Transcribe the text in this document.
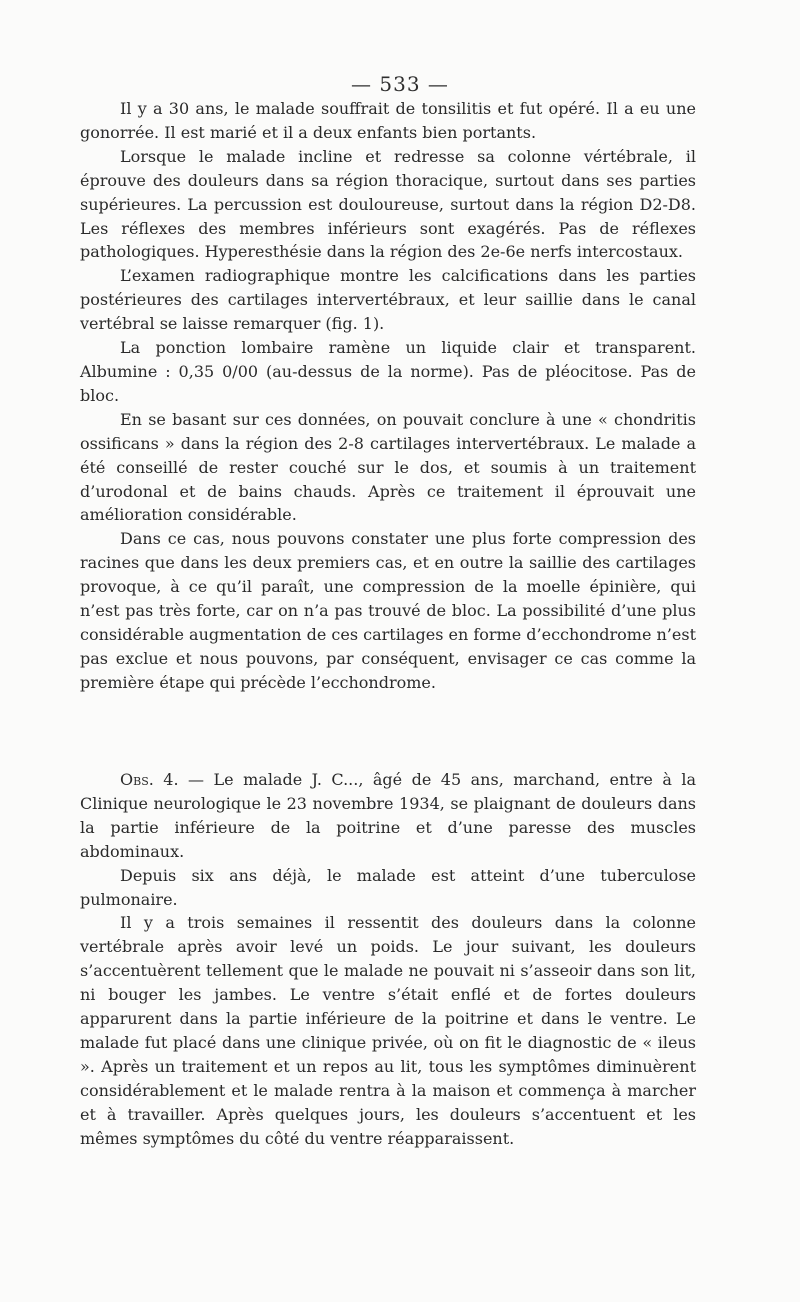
— 533 —

Il y a 30 ans, le malade souffrait de tonsilitis et fut opéré. Il a eu une gonorrée. Il est marié et il a deux enfants bien portants.

Lorsque le malade incline et redresse sa colonne vértébrale, il éprouve des douleurs dans sa région thoracique, surtout dans ses parties supérieures. La percussion est douloureuse, surtout dans la région D2-D8. Les réflexes des membres inférieurs sont exagérés. Pas de réflexes pathologiques. Hyperesthésie dans la région des 2e-6e nerfs intercostaux.

L’examen radiographique montre les calcifications dans les parties postérieures des cartilages intervertébraux, et leur saillie dans le canal vertébral se laisse remarquer (fig. 1).

La ponction lombaire ramène un liquide clair et transparent. Albumine : 0,35 0/00 (au-dessus de la norme). Pas de pléocitose. Pas de bloc.

En se basant sur ces données, on pouvait conclure à une « chondritis ossificans » dans la région des 2-8 cartilages intervertébraux. Le malade a été conseillé de rester couché sur le dos, et soumis à un traitement d’urodonal et de bains chauds. Après ce traitement il éprouvait une amélioration considérable.

Dans ce cas, nous pouvons constater une plus forte compression des racines que dans les deux premiers cas, et en outre la saillie des cartilages provoque, à ce qu’il paraît, une compression de la moelle épinière, qui n’est pas très forte, car on n’a pas trouvé de bloc. La possibilité d’une plus considérable augmentation de ces cartilages en forme d’ecchondrome n’est pas exclue et nous pouvons, par conséquent, envisager ce cas comme la première étape qui précède l’ecchondrome.

Obs. 4. — Le malade J. C..., âgé de 45 ans, marchand, entre à la Clinique neurologique le 23 novembre 1934, se plaignant de douleurs dans la partie inférieure de la poitrine et d’une paresse des muscles abdominaux.

Depuis six ans déjà, le malade est atteint d’une tuberculose pulmonaire.

Il y a trois semaines il ressentit des douleurs dans la colonne vertébrale après avoir levé un poids. Le jour suivant, les douleurs s’accentuèrent tellement que le malade ne pouvait ni s’asseoir dans son lit, ni bouger les jambes. Le ventre s’était enflé et de fortes douleurs apparurent dans la partie inférieure de la poitrine et dans le ventre. Le malade fut placé dans une clinique privée, où on fit le diagnostic de « ileus ». Après un traitement et un repos au lit, tous les symptômes diminuèrent considérablement et le malade rentra à la maison et commença à marcher et à travailler. Après quelques jours, les douleurs s’accentuent et les mêmes symptômes du côté du ventre réapparaissent.
